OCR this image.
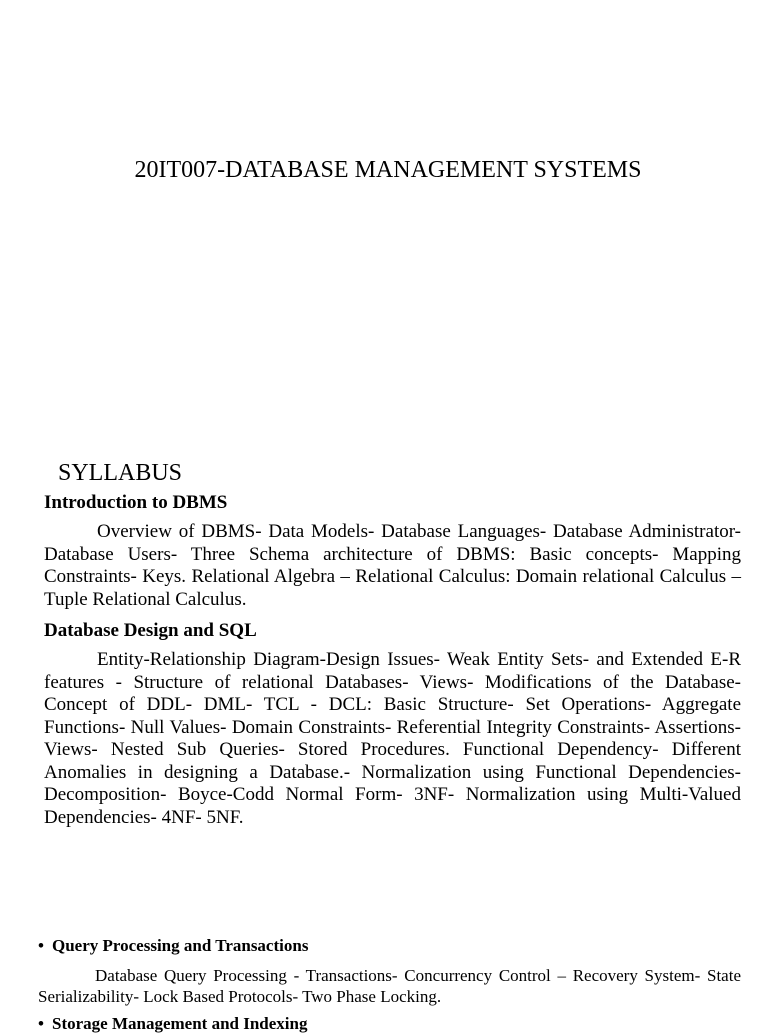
20IT007-DATABASE MANAGEMENT SYSTEMS
SYLLABUS
Introduction to DBMS
Overview of DBMS- Data Models- Database Languages- Database Administrator- Database Users- Three Schema architecture of DBMS: Basic concepts- Mapping Constraints- Keys. Relational Algebra – Relational Calculus: Domain relational Calculus –Tuple Relational Calculus.
Database Design and SQL
Entity-Relationship Diagram-Design Issues- Weak Entity Sets- and Extended E-R features - Structure of relational Databases- Views- Modifications of the Database- Concept of DDL- DML- TCL - DCL: Basic Structure- Set Operations- Aggregate Functions- Null Values- Domain Constraints- Referential Integrity Constraints- Assertions- Views- Nested Sub Queries- Stored Procedures. Functional Dependency- Different Anomalies in designing a Database.- Normalization using Functional Dependencies- Decomposition- Boyce-Codd Normal Form- 3NF- Normalization using Multi-Valued Dependencies- 4NF- 5NF.
• Query Processing and Transactions
Database Query Processing - Transactions- Concurrency Control – Recovery System- State Serializability- Lock Based Protocols- Two Phase Locking.
• Storage Management and Indexing
